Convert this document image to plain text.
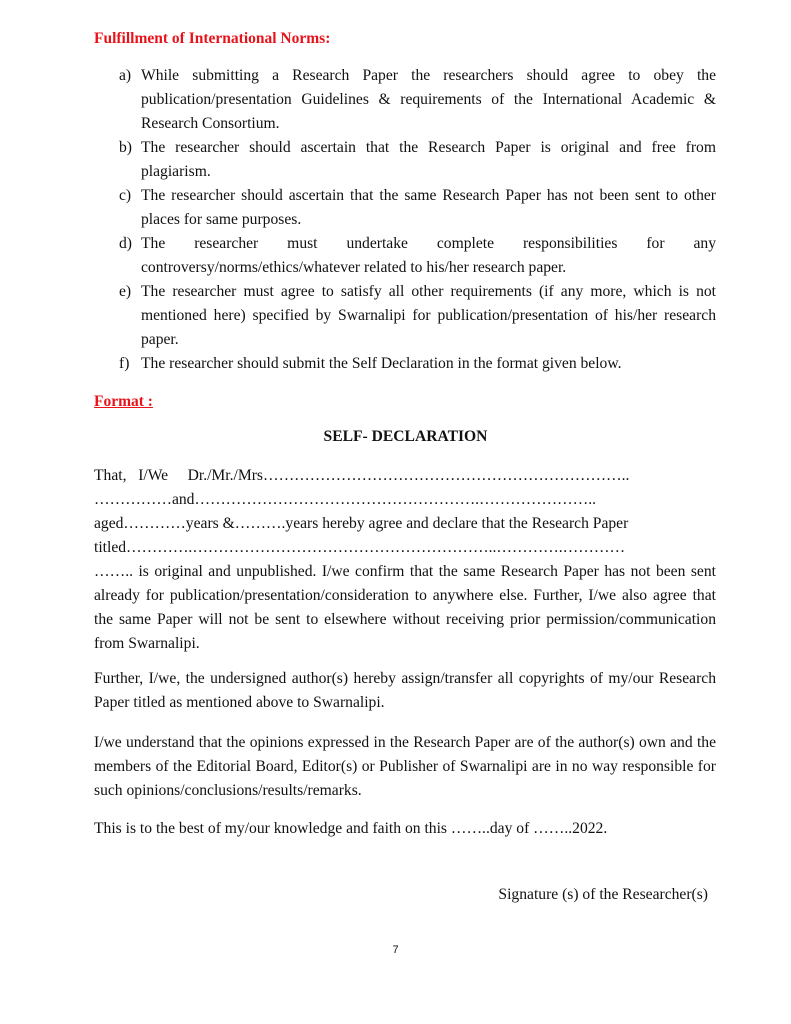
Fulfillment of International Norms:
a) While submitting a Research Paper the researchers should agree to obey the publication/presentation Guidelines & requirements of the International Academic & Research Consortium.
b) The researcher should ascertain that the Research Paper is original and free from plagiarism.
c) The researcher should ascertain that the same Research Paper has not been sent to other places for same purposes.
d) The researcher must undertake complete responsibilities for any controversy/norms/ethics/whatever related to his/her research paper.
e) The researcher must agree to satisfy all other requirements (if any more, which is not mentioned here) specified by Swarnalipi for publication/presentation of his/her research paper.
f) The researcher should submit the Self Declaration in the format given below.
Format :
SELF- DECLARATION
That, I/We Dr./Mr./Mrs……………………………………………………………..
……………and……………………………………………….…………………..
aged…………years &……….years hereby agree and declare that the Research Paper
titled………….…………………………………………………..………….…………
…….. is original and unpublished. I/we confirm that the same Research Paper has not been sent already for publication/presentation/consideration to anywhere else. Further, I/we also agree that the same Paper will not be sent to elsewhere without receiving prior permission/communication from Swarnalipi.

Further, I/we, the undersigned author(s) hereby assign/transfer all copyrights of my/our Research Paper titled as mentioned above to Swarnalipi.

I/we understand that the opinions expressed in the Research Paper are of the author(s) own and the members of the Editorial Board, Editor(s) or Publisher of Swarnalipi are in no way responsible for such opinions/conclusions/results/remarks.

This is to the best of my/our knowledge and faith on this ……..day of ……..2022.

Signature (s) of the Researcher(s)

7
